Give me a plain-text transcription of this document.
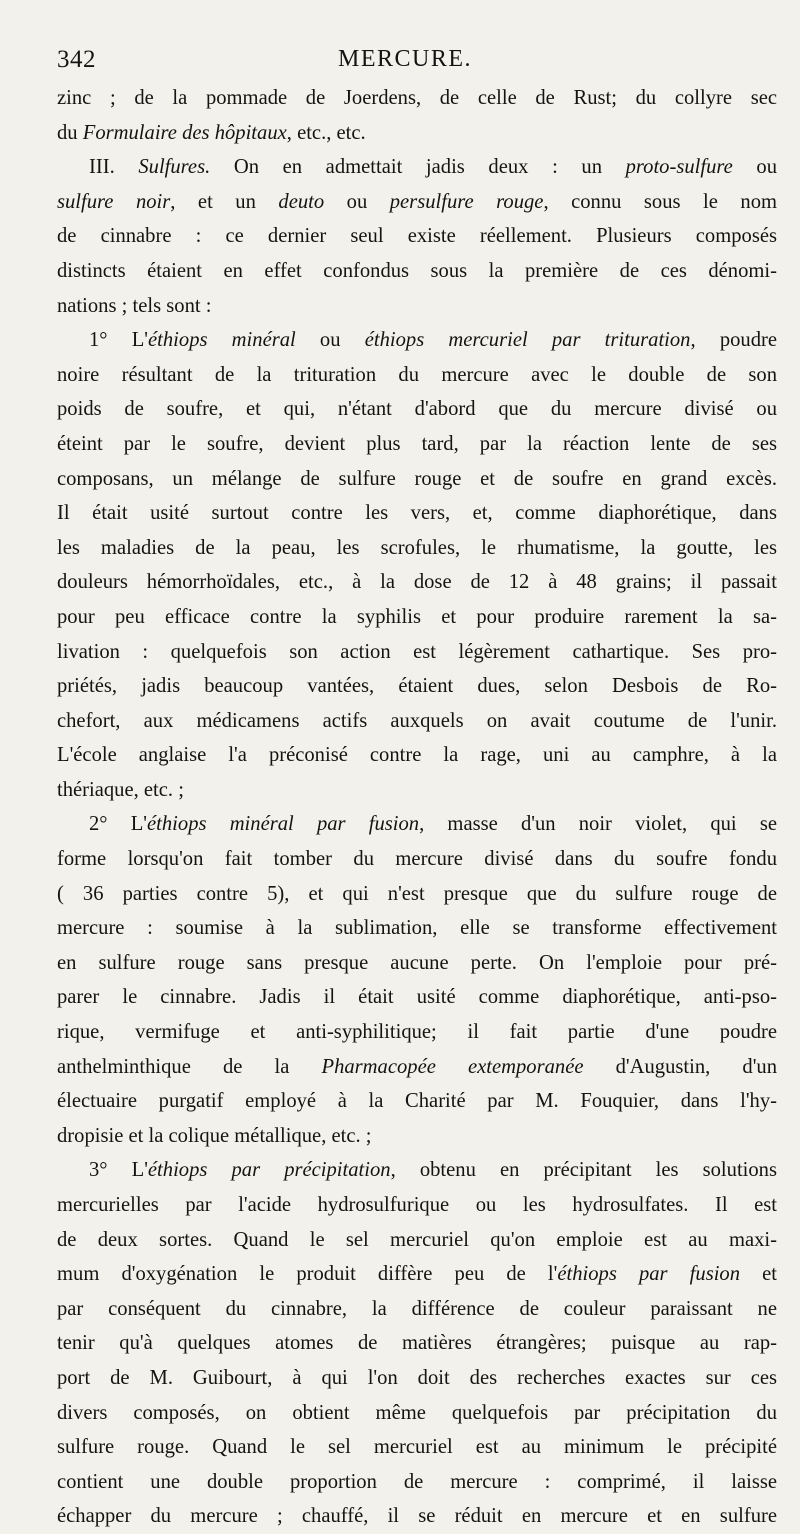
342	MERCURE.
zinc ; de la pommade de Joerdens, de celle de Rust; du collyre sec
du Formulaire des hôpitaux, etc., etc.
III. Sulfures. On en admettait jadis deux : un proto-sulfure ou
sulfure noir, et un deuto ou persulfure rouge, connu sous le nom
de cinnabre : ce dernier seul existe réellement. Plusieurs composés
distincts étaient en effet confondus sous la première de ces dénomi-
nations ; tels sont :
1° L'éthiops minéral ou éthiops mercuriel par trituration, poudre
noire résultant de la trituration du mercure avec le double de son
poids de soufre, et qui, n'étant d'abord que du mercure divisé ou
éteint par le soufre, devient plus tard, par la réaction lente de ses
composans, un mélange de sulfure rouge et de soufre en grand excès.
Il était usité surtout contre les vers, et, comme diaphorétique, dans
les maladies de la peau, les scrofules, le rhumatisme, la goutte, les
douleurs hémorrhoïdales, etc., à la dose de 12 à 48 grains; il passait
pour peu efficace contre la syphilis et pour produire rarement la sa-
livation : quelquefois son action est légèrement cathartique. Ses pro-
priétés, jadis beaucoup vantées, étaient dues, selon Desbois de Ro-
chefort, aux médicamens actifs auxquels on avait coutume de l'unir.
L'école anglaise l'a préconisé contre la rage, uni au camphre, à la
thériaque, etc. ;
2° L'éthiops minéral par fusion, masse d'un noir violet, qui se
forme lorsqu'on fait tomber du mercure divisé dans du soufre fondu
( 36 parties contre 5), et qui n'est presque que du sulfure rouge de
mercure : soumise à la sublimation, elle se transforme effectivement
en sulfure rouge sans presque aucune perte. On l'emploie pour pré-
parer le cinnabre. Jadis il était usité comme diaphorétique, anti-pso-
rique, vermifuge et anti-syphilitique; il fait partie d'une poudre
anthelminthique de la Pharmacopée extemporanée d'Augustin, d'un
électuaire purgatif employé à la Charité par M. Fouquier, dans l'hy-
dropisie et la colique métallique, etc. ;
3° L'éthiops par précipitation, obtenu en précipitant les solutions
mercurielles par l'acide hydrosulfurique ou les hydrosulfates. Il est
de deux sortes. Quand le sel mercuriel qu'on emploie est au maxi-
mum d'oxygénation le produit diffère peu de l'éthiops par fusion et
par conséquent du cinnabre, la différence de couleur paraissant ne
tenir qu'à quelques atomes de matières étrangères; puisque au rap-
port de M. Guibourt, à qui l'on doit des recherches exactes sur ces
divers composés, on obtient même quelquefois par précipitation du
sulfure rouge. Quand le sel mercuriel est au minimum le précipité
contient une double proportion de mercure : comprimé, il laisse
échapper du mercure ; chauffé, il se réduit en mercure et en sulfure
